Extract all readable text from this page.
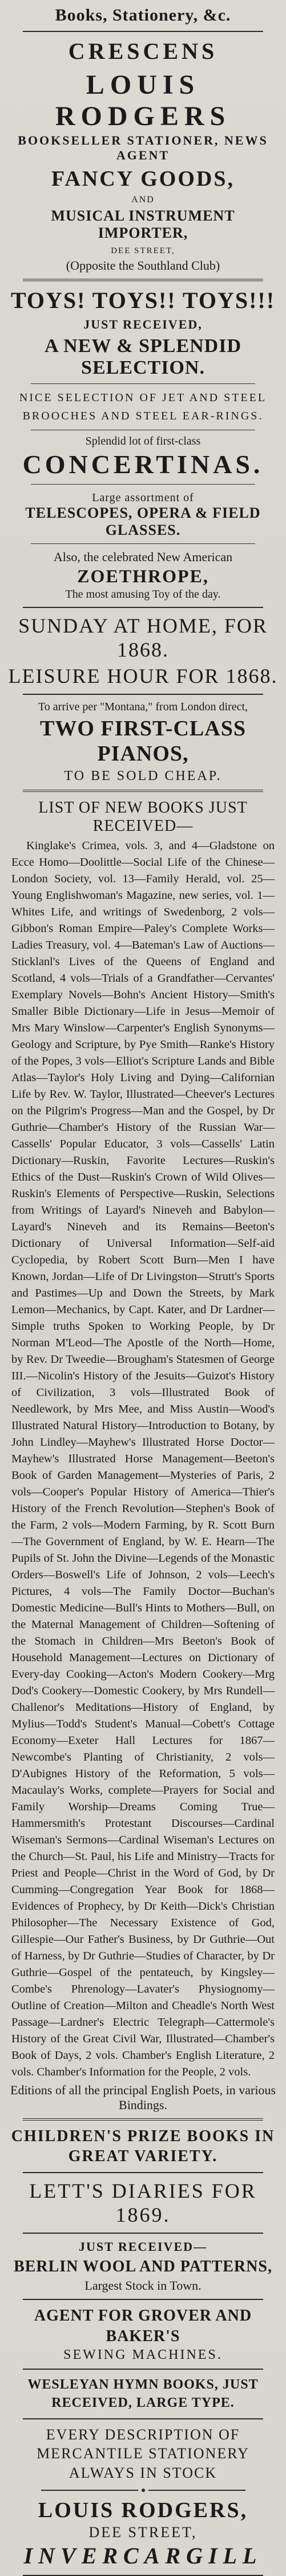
Books, Stationery, &c.
CRESCENS
LOUIS RODGERS
BOOKSELLER STATIONER, NEWS AGENT
FANCY GOODS,
AND
MUSICAL INSTRUMENT IMPORTER,
DEE STREET,
(Opposite the Southland Club)
TOYS! TOYS!! TOYS!!!
JUST RECEIVED,
A NEW & SPLENDID SELECTION.
NICE SELECTION OF JET AND STEEL BROOCHES AND STEEL EAR-RINGS.
Splendid lot of first-class
CONCERTINAS.
Large assortment of
TELESCOPES, OPERA & FIELD GLASSES.
Also, the celebrated New American
ZOETHROPE,
The most amusing Toy of the day.
SUNDAY AT HOME, FOR 1868.
LEISURE HOUR FOR 1868.
To arrive per "Montana," from London direct,
TWO FIRST-CLASS PIANOS,
TO BE SOLD CHEAP.
LIST OF NEW BOOKS JUST RECEIVED—
Kinglake's Crimea, vols. 3, and 4—Gladstone on Ecce Homo—Doolittle—Social Life of the Chinese—London Society, vol. 13—Family Herald, vol. 25—Young Englishwoman's Magazine, new series, vol. 1—Whites Life, and writings of Swedenborg, 2 vols—Gibbon's Roman Empire—Paley's Complete Works—Ladies Treasury, vol. 4—Bateman's Law of Auctions—Sticklanl's Lives of the Queens of England and Scotland, 4 vols—Trials of a Grandfather—Cervantes' Exemplary Novels—Bohn's Ancient History—Smith's Smaller Bible Dictionary—Life in Jesus—Memoir of Mrs Mary Winslow—Carpenter's English Synonyms—Geology and Scripture, by Pye Smith—Ranke's History of the Popes, 3 vols—Elliot's Scripture Lands and Bible Atlas—Taylor's Holy Living and Dying—Californian Life by Rev. W. Taylor, Illustrated—Cheever's Lectures on the Pilgrim's Progress—Man and the Gospel, by Dr Guthrie—Chamber's History of the Russian War—Cassells' Popular Educator, 3 vols—Cassells' Latin Dictionary—Ruskin, Favorite Lectures—Ruskin's Ethics of the Dust—Ruskin's Crown of Wild Olives—Ruskin's Elements of Perspective—Ruskin, Selections from Writings of Layard's Nineveh and Babylon—Layard's Nineveh and its Remains—Beeton's Dictionary of Universal Information—Self-aid Cyclopedia, by Robert Scott Burn—Men I have Known, Jordan—Life of Dr Livingston—Strutt's Sports and Pastimes—Up and Down the Streets, by Mark Lemon—Mechanics, by Capt. Kater, and Dr Lardner—Simple truths Spoken to Working People, by Dr Norman M'Leod—The Apostle of the North—Home, by Rev. Dr Tweedie—Brougham's Statesmen of George III.—Nicolin's History of the Jesuits—Guizot's History of Civilization, 3 vols—Illustrated Book of Needlework, by Mrs Mee, and Miss Austin—Wood's Illustrated Natural History—Introduction to Botany, by John Lindley—Mayhew's Illustrated Horse Doctor—Mayhew's Illustrated Horse Management—Beeton's Book of Garden Management—Mysteries of Paris, 2 vols—Cooper's Popular History of America—Thier's History of the French Revolution—Stephen's Book of the Farm, 2 vols—Modern Farming, by R. Scott Burn—The Government of England, by W. E. Hearn—The Pupils of St. John the Divine—Legends of the Monastic Orders—Boswell's Life of Johnson, 2 vols—Leech's Pictures, 4 vols—The Family Doctor—Buchan's Domestic Medicine—Bull's Hints to Mothers—Bull, on the Maternal Management of Children—Softening of the Stomach in Children—Mrs Beeton's Book of Household Management—Lectures on Dictionary of Every-day Cooking—Acton's Modern Cookery—Mrg Dod's Cookery—Domestic Cookery, by Mrs Rundell—Challenor's Meditations—History of England, by Mylius—Todd's Student's Manual—Cobett's Cottage Economy—Exeter Hall Lectures for 1867—Newcombe's Planting of Christianity, 2 vols—D'Aubignes History of the Reformation, 5 vols—Macaulay's Works, complete—Prayers for Social and Family Worship—Dreams Coming True—Hammersmith's Protestant Discourses—Cardinal Wiseman's Sermons—Cardinal Wiseman's Lectures on the Church—St. Paul, his Life and Ministry—Tracts for Priest and People—Christ in the Word of God, by Dr Cumming—Congregation Year Book for 1868—Evidences of Prophecy, by Dr Keith—Dick's Christian Philosopher—The Necessary Existence of God, Gillespie—Our Father's Business, by Dr Guthrie—Out of Harness, by Dr Guthrie—Studies of Character, by Dr Guthrie—Gospel of the pentateuch, by Kingsley—Combe's Phrenology—Lavater's Physiognomy—Outline of Creation—Milton and Cheadle's North West Passage—Lardner's Electric Telegraph—Cattermole's History of the Great Civil War, Illustrated—Chamber's Book of Days, 2 vols. Chamber's English Literature, 2 vols. Chamber's Information for the People, 2 vols.
Editions of all the principal English Poets, in various Bindings.
CHILDREN'S PRIZE BOOKS IN GREAT VARIETY.
LETT'S DIARIES FOR 1869.
JUST RECEIVED—
BERLIN WOOL AND PATTERNS,
Largest Stock in Town.
AGENT FOR GROVER AND BAKER'S
SEWING MACHINES.
WESLEYAN HYMN BOOKS, JUST RECEIVED, LARGE TYPE.
EVERY DESCRIPTION OF MERCANTILE STATIONERY ALWAYS IN STOCK
LOUIS RODGERS,
DEE STREET,
INVERCARGILL
